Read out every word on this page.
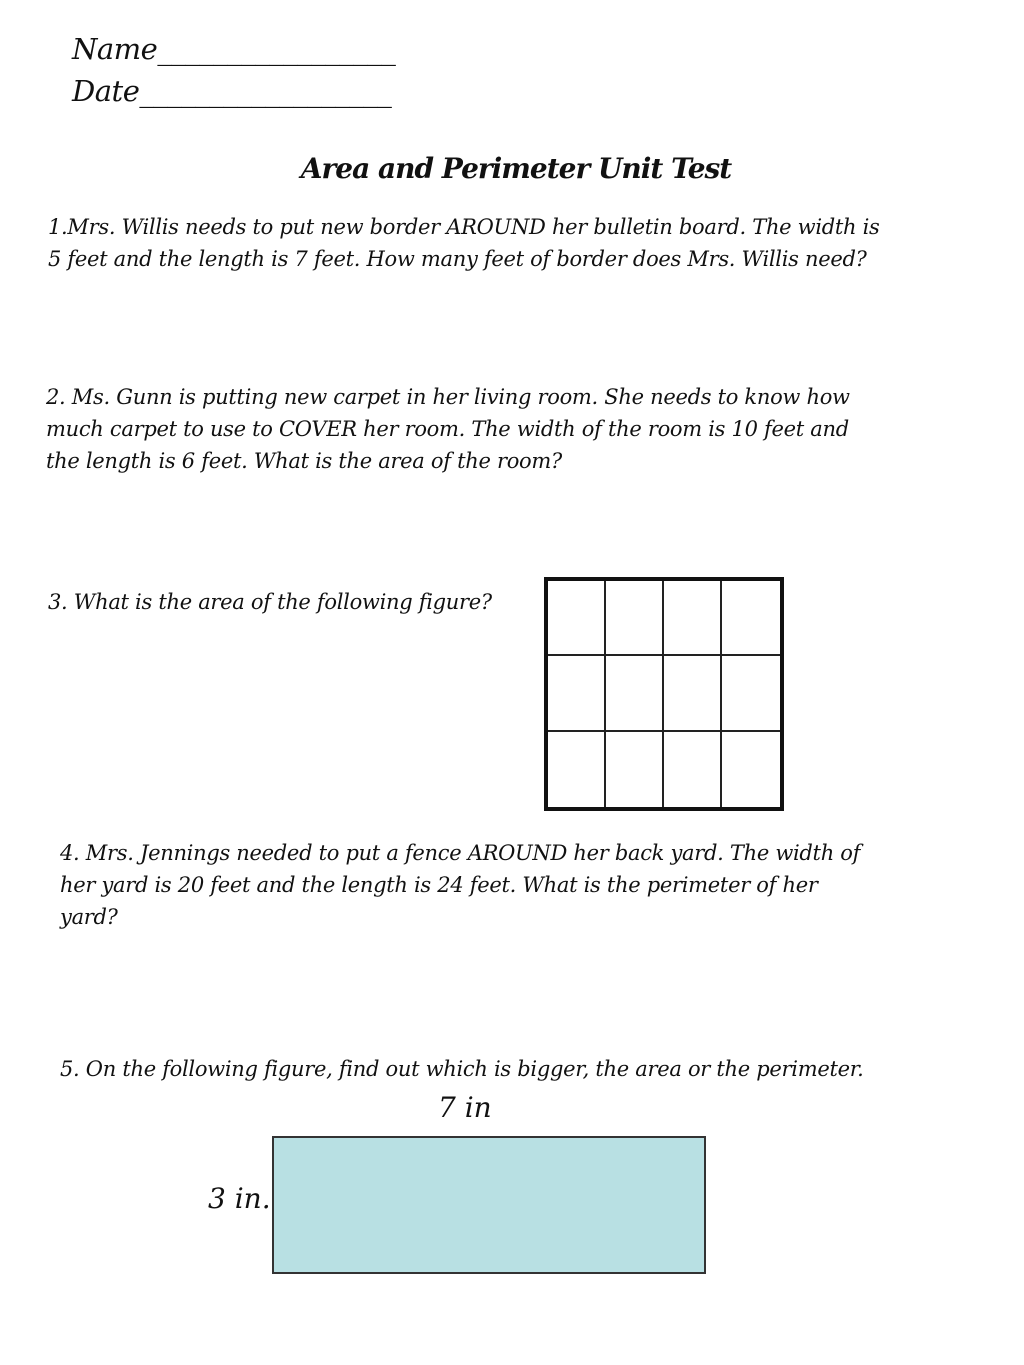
Name_________________
Date__________________
Area and Perimeter Unit Test
1.Mrs. Willis needs to put new border AROUND her bulletin board. The width is 5 feet and the length is 7 feet. How many feet of border does Mrs. Willis need?
2. Ms. Gunn is putting new carpet in her living room. She needs to know how much carpet to use to COVER her room. The width of the room is 10 feet and the length is 6 feet. What is the area of the room?
3. What is the area of the following figure?
4. Mrs. Jennings needed to put a fence AROUND her back yard. The width of her yard is 20 feet and the length is 24 feet. What is the perimeter of her yard?
5. On the following figure, find out which is bigger, the area or the perimeter.
7 in
3 in.
